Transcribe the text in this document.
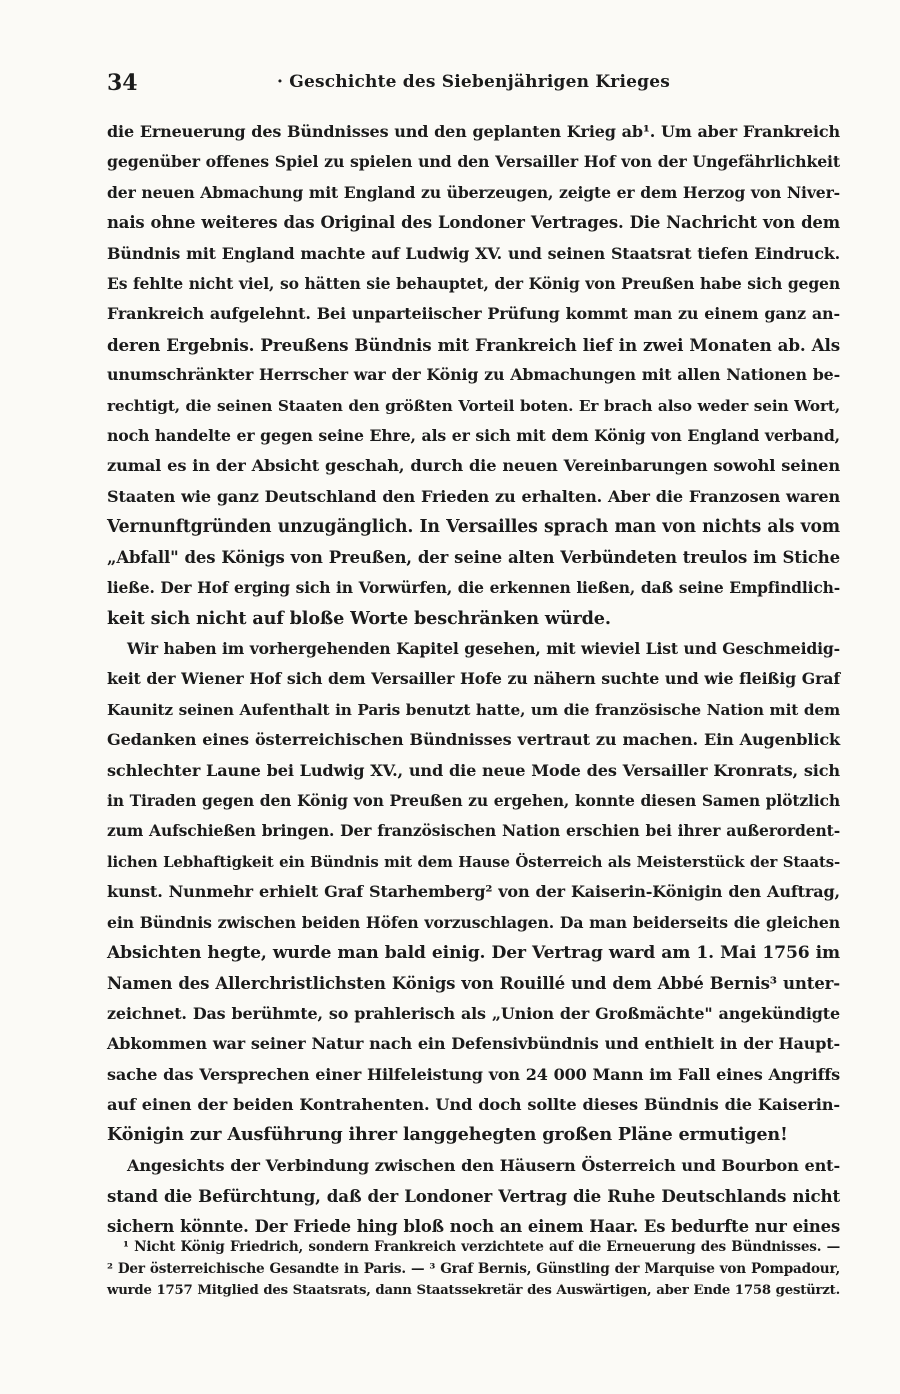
34	· Geschichte des Siebenjährigen Krieges

die Erneuerung des Bündnisses und den geplanten Krieg ab¹. Um aber Frankreich
gegenüber offenes Spiel zu spielen und den Versailler Hof von der Ungefährlichkeit
der neuen Abmachung mit England zu überzeugen, zeigte er dem Herzog von Niver-
nais ohne weiteres das Original des Londoner Vertrages. Die Nachricht von dem
Bündnis mit England machte auf Ludwig XV. und seinen Staatsrat tiefen Eindruck.
Es fehlte nicht viel, so hätten sie behauptet, der König von Preußen habe sich gegen
Frankreich aufgelehnt. Bei unparteiischer Prüfung kommt man zu einem ganz an-
deren Ergebnis. Preußens Bündnis mit Frankreich lief in zwei Monaten ab. Als
unumschränkter Herrscher war der König zu Abmachungen mit allen Nationen be-
rechtigt, die seinen Staaten den größten Vorteil boten. Er brach also weder sein Wort,
noch handelte er gegen seine Ehre, als er sich mit dem König von England verband,
zumal es in der Absicht geschah, durch die neuen Vereinbarungen sowohl seinen
Staaten wie ganz Deutschland den Frieden zu erhalten. Aber die Franzosen waren
Vernunftgründen unzugänglich. In Versailles sprach man von nichts als vom
„Abfall" des Königs von Preußen, der seine alten Verbündeten treulos im Stiche
ließe. Der Hof erging sich in Vorwürfen, die erkennen ließen, daß seine Empfindlich-
keit sich nicht auf bloße Worte beschränken würde.

Wir haben im vorhergehenden Kapitel gesehen, mit wieviel List und Geschmeidig-
keit der Wiener Hof sich dem Versailler Hofe zu nähern suchte und wie fleißig Graf
Kaunitz seinen Aufenthalt in Paris benutzt hatte, um die französische Nation mit dem
Gedanken eines österreichischen Bündnisses vertraut zu machen. Ein Augenblick
schlechter Laune bei Ludwig XV., und die neue Mode des Versailler Kronrats, sich
in Tiraden gegen den König von Preußen zu ergehen, konnte diesen Samen plötzlich
zum Aufschießen bringen. Der französischen Nation erschien bei ihrer außerordent-
lichen Lebhaftigkeit ein Bündnis mit dem Hause Österreich als Meisterstück der Staats-
kunst. Nunmehr erhielt Graf Starhemberg² von der Kaiserin-Königin den Auftrag,
ein Bündnis zwischen beiden Höfen vorzuschlagen. Da man beiderseits die gleichen
Absichten hegte, wurde man bald einig. Der Vertrag ward am 1. Mai 1756 im
Namen des Allerchristlichsten Königs von Rouillé und dem Abbé Bernis³ unter-
zeichnet. Das berühmte, so prahlerisch als „Union der Großmächte" angekündigte
Abkommen war seiner Natur nach ein Defensivbündnis und enthielt in der Haupt-
sache das Versprechen einer Hilfeleistung von 24 000 Mann im Fall eines Angriffs
auf einen der beiden Kontrahenten. Und doch sollte dieses Bündnis die Kaiserin-
Königin zur Ausführung ihrer langgehegten großen Pläne ermutigen!

Angesichts der Verbindung zwischen den Häusern Österreich und Bourbon ent-
stand die Befürchtung, daß der Londoner Vertrag die Ruhe Deutschlands nicht
sichern könnte. Der Friede hing bloß noch an einem Haar. Es bedurfte nur eines

¹ Nicht König Friedrich, sondern Frankreich verzichtete auf die Erneuerung des Bündnisses. —
² Der österreichische Gesandte in Paris. — ³ Graf Bernis, Günstling der Marquise von Pompadour,
wurde 1757 Mitglied des Staatsrats, dann Staatssekretär des Auswärtigen, aber Ende 1758 gestürzt.
